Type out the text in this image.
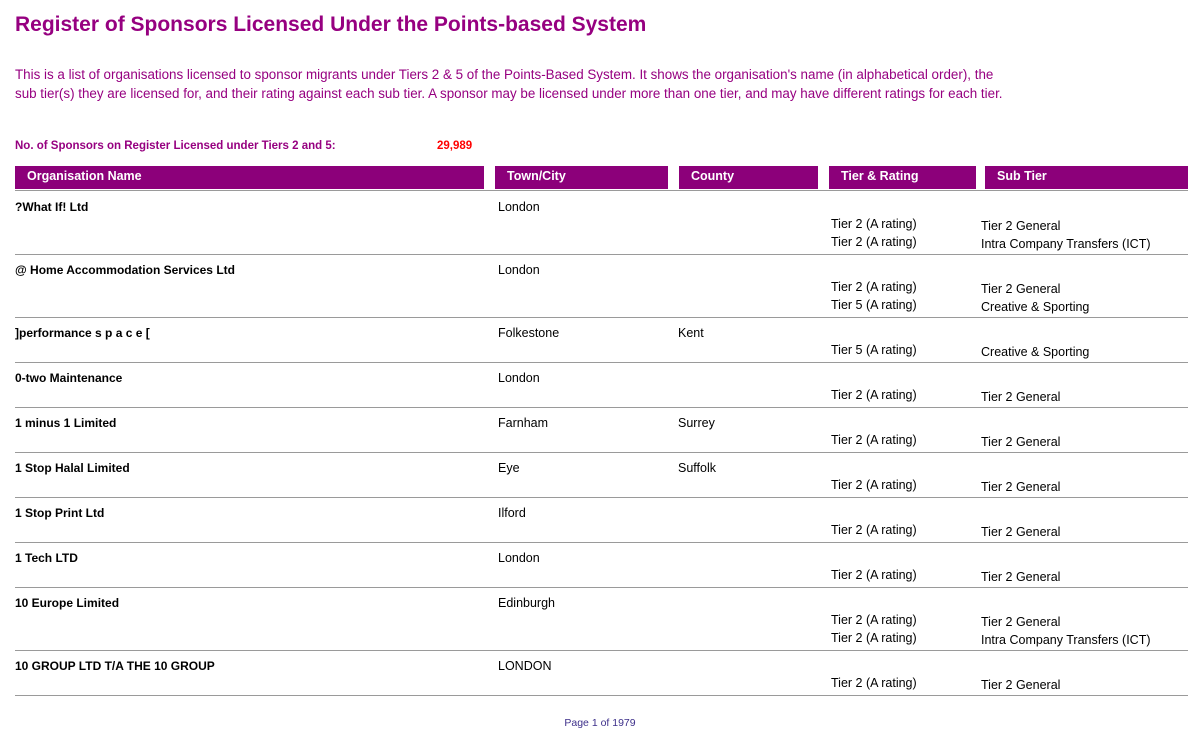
Register of Sponsors Licensed Under the Points-based System

This is a list of organisations licensed to sponsor migrants under Tiers 2 & 5 of the Points-Based System. It shows the organisation's name (in alphabetical order), the sub tier(s) they are licensed for, and their rating against each sub tier. A sponsor may be licensed under more than one tier, and may have different ratings for each tier.

No. of Sponsors on Register Licensed under Tiers 2 and 5:	29,989
Organisation Name	Town/City	County	Tier & Rating	Sub Tier
?What If! Ltd	London
Tier 2 (A rating)	Tier 2 General
Tier 2 (A rating)	Intra Company Transfers (ICT)
@ Home Accommodation Services Ltd	London
Tier 2 (A rating)	Tier 2 General
Tier 5 (A rating)	Creative & Sporting
]performance s p a c e [	Folkestone	Kent
Tier 5 (A rating)	Creative & Sporting
0-two Maintenance	London
Tier 2 (A rating)	Tier 2 General
1 minus 1 Limited	Farnham	Surrey
Tier 2 (A rating)	Tier 2 General
1 Stop Halal Limited	Eye	Suffolk
Tier 2 (A rating)	Tier 2 General
1 Stop Print Ltd	Ilford
Tier 2 (A rating)	Tier 2 General
1 Tech LTD	London
Tier 2 (A rating)	Tier 2 General
10 Europe Limited	Edinburgh
Tier 2 (A rating)	Tier 2 General
Tier 2 (A rating)	Intra Company Transfers (ICT)
10 GROUP LTD T/A THE 10 GROUP	LONDON
Tier 2 (A rating)	Tier 2 General
Page 1 of 1979
